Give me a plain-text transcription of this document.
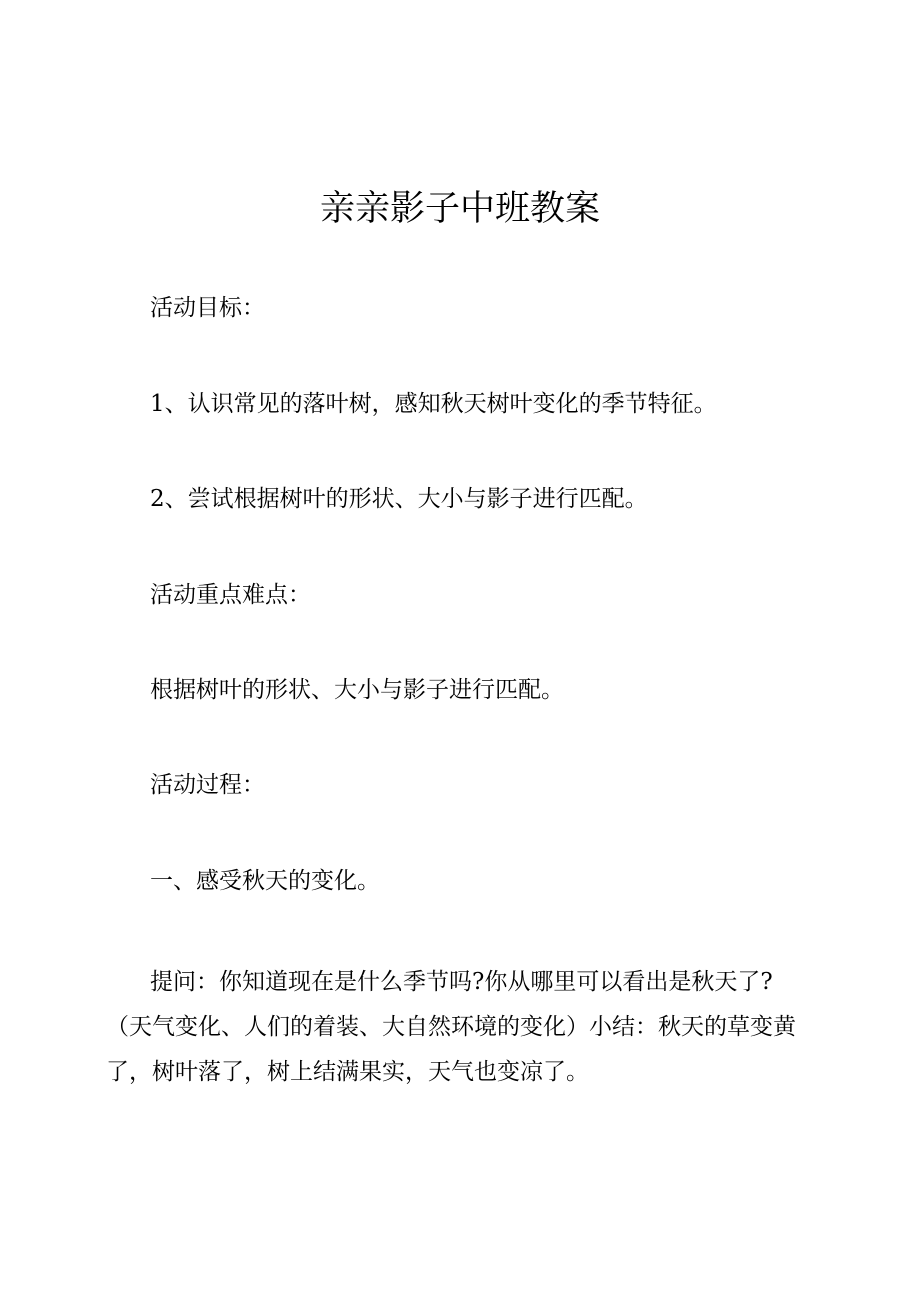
亲亲影子中班教案

活动目标：

1、认识常见的落叶树，感知秋天树叶变化的季节特征。

2、尝试根据树叶的形状、大小与影子进行匹配。

活动重点难点：

根据树叶的形状、大小与影子进行匹配。

活动过程：

一、感受秋天的变化。

提问：你知道现在是什么季节吗?你从哪里可以看出是秋天了?
（天气变化、人们的着装、大自然环境的变化）小结：秋天的草变黄
了，树叶落了，树上结满果实，天气也变凉了。
